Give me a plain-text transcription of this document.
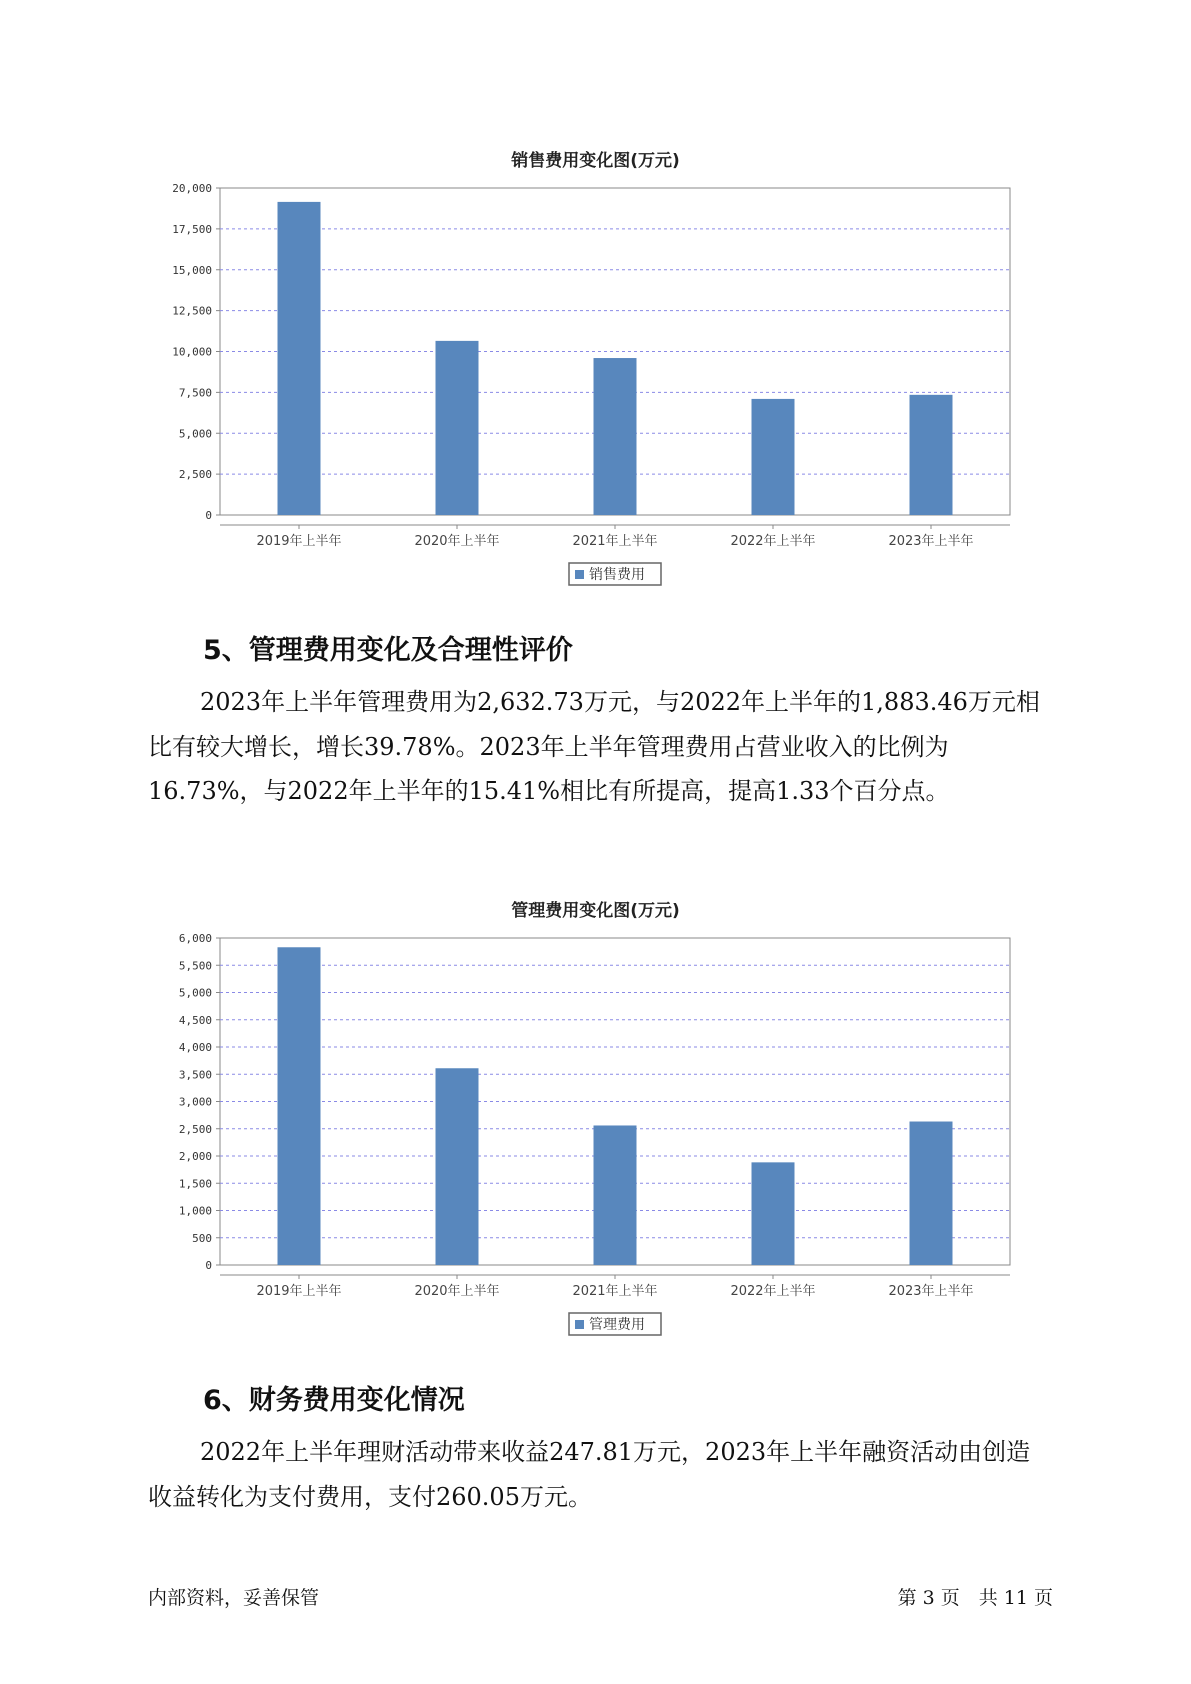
销售费用变化图(万元)
0
2,500
5,000
7,500
10,000
12,500
15,000
17,500
20,000
2019年上半年	2020年上半年	2021年上半年	2022年上半年	2023年上半年
销售费用
5、管理费用变化及合理性评价
2023年上半年管理费用为2,632.73万元，与2022年上半年的1,883.46万元相比有较大增长，增长39.78%。2023年上半年管理费用占营业收入的比例为16.73%，与2022年上半年的15.41%相比有所提高，提高1.33个百分点。
管理费用变化图(万元)
0
500
1,000
1,500
2,000
2,500
3,000
3,500
4,000
4,500
5,000
5,500
6,000
2019年上半年	2020年上半年	2021年上半年	2022年上半年	2023年上半年
管理费用
6、财务费用变化情况
2022年上半年理财活动带来收益247.81万元，2023年上半年融资活动由创造收益转化为支付费用，支付260.05万元。
内部资料，妥善保管	第 3 页　共 11 页
